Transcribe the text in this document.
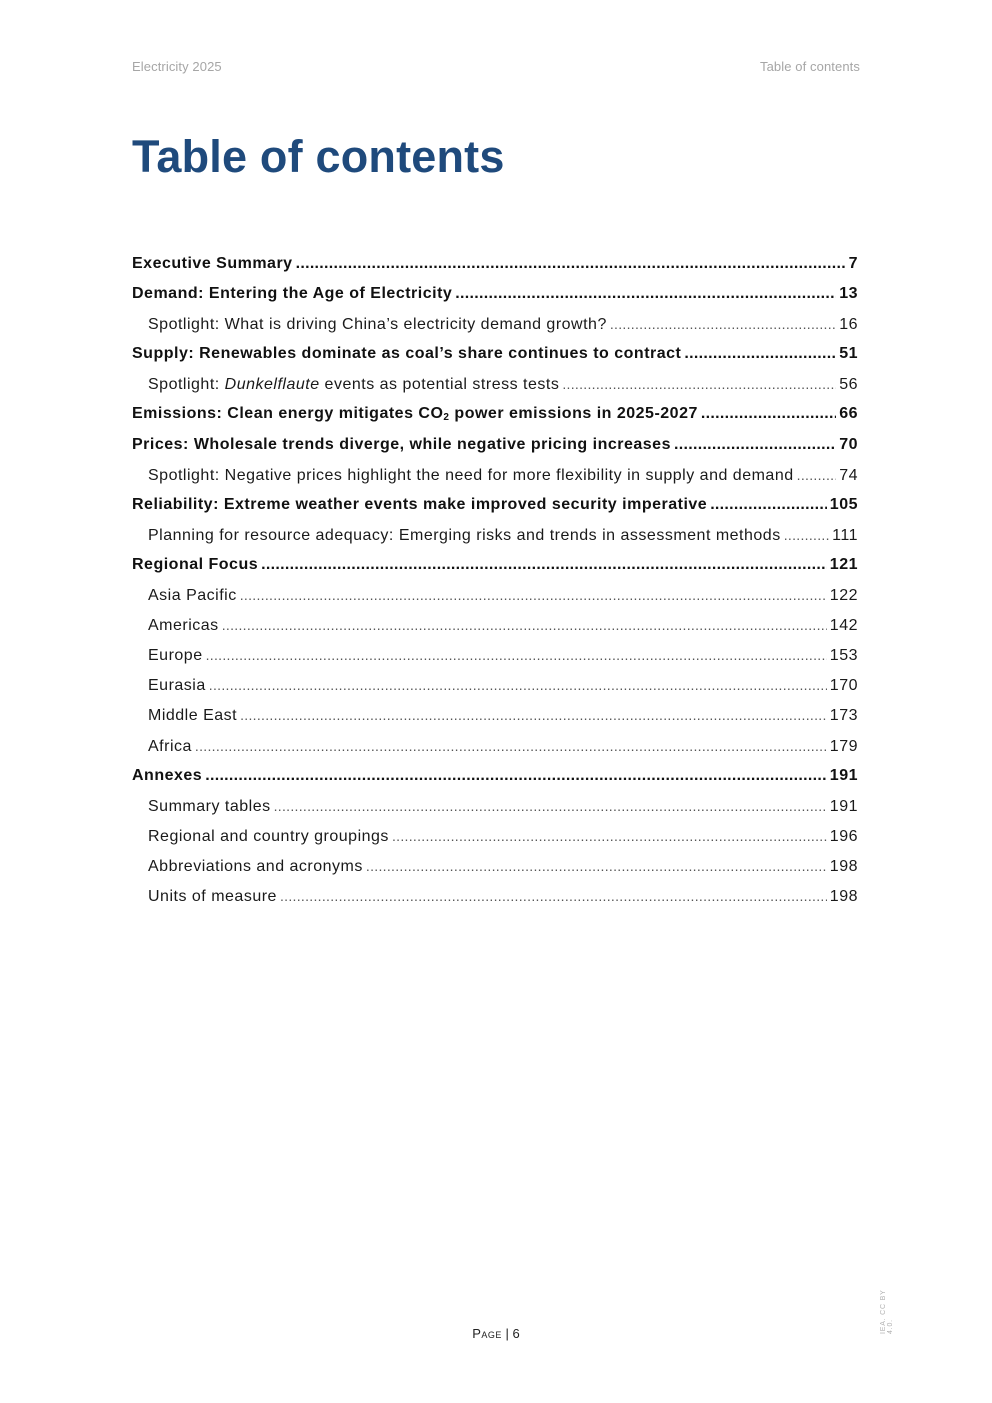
Electricity 2025	Table of contents
Table of contents
Executive Summary .....	7
Demand: Entering the Age of Electricity .....	13
Spotlight: What is driving China’s electricity demand growth? .....	16
Supply: Renewables dominate as coal’s share continues to contract .....	51
Spotlight: Dunkelflaute events as potential stress tests .....	56
Emissions: Clean energy mitigates $CO_2$ power emissions in 2025-2027 .....	66
Prices: Wholesale trends diverge, while negative pricing increases .....	70
Spotlight: Negative prices highlight the need for more flexibility in supply and demand .....	74
Reliability: Extreme weather events make improved security imperative .....	105
Planning for resource adequacy: Emerging risks and trends in assessment methods .....	111
Regional Focus .....	121
Asia Pacific .....	122
Americas .....	142
Europe .....	153
Eurasia .....	170
Middle East .....	173
Africa .....	179
Annexes .....	191
Summary tables .....	191
Regional and country groupings .....	196
Abbreviations and acronyms .....	198
Units of measure .....	198
IEA. CC BY 4.0.
Page | 6
